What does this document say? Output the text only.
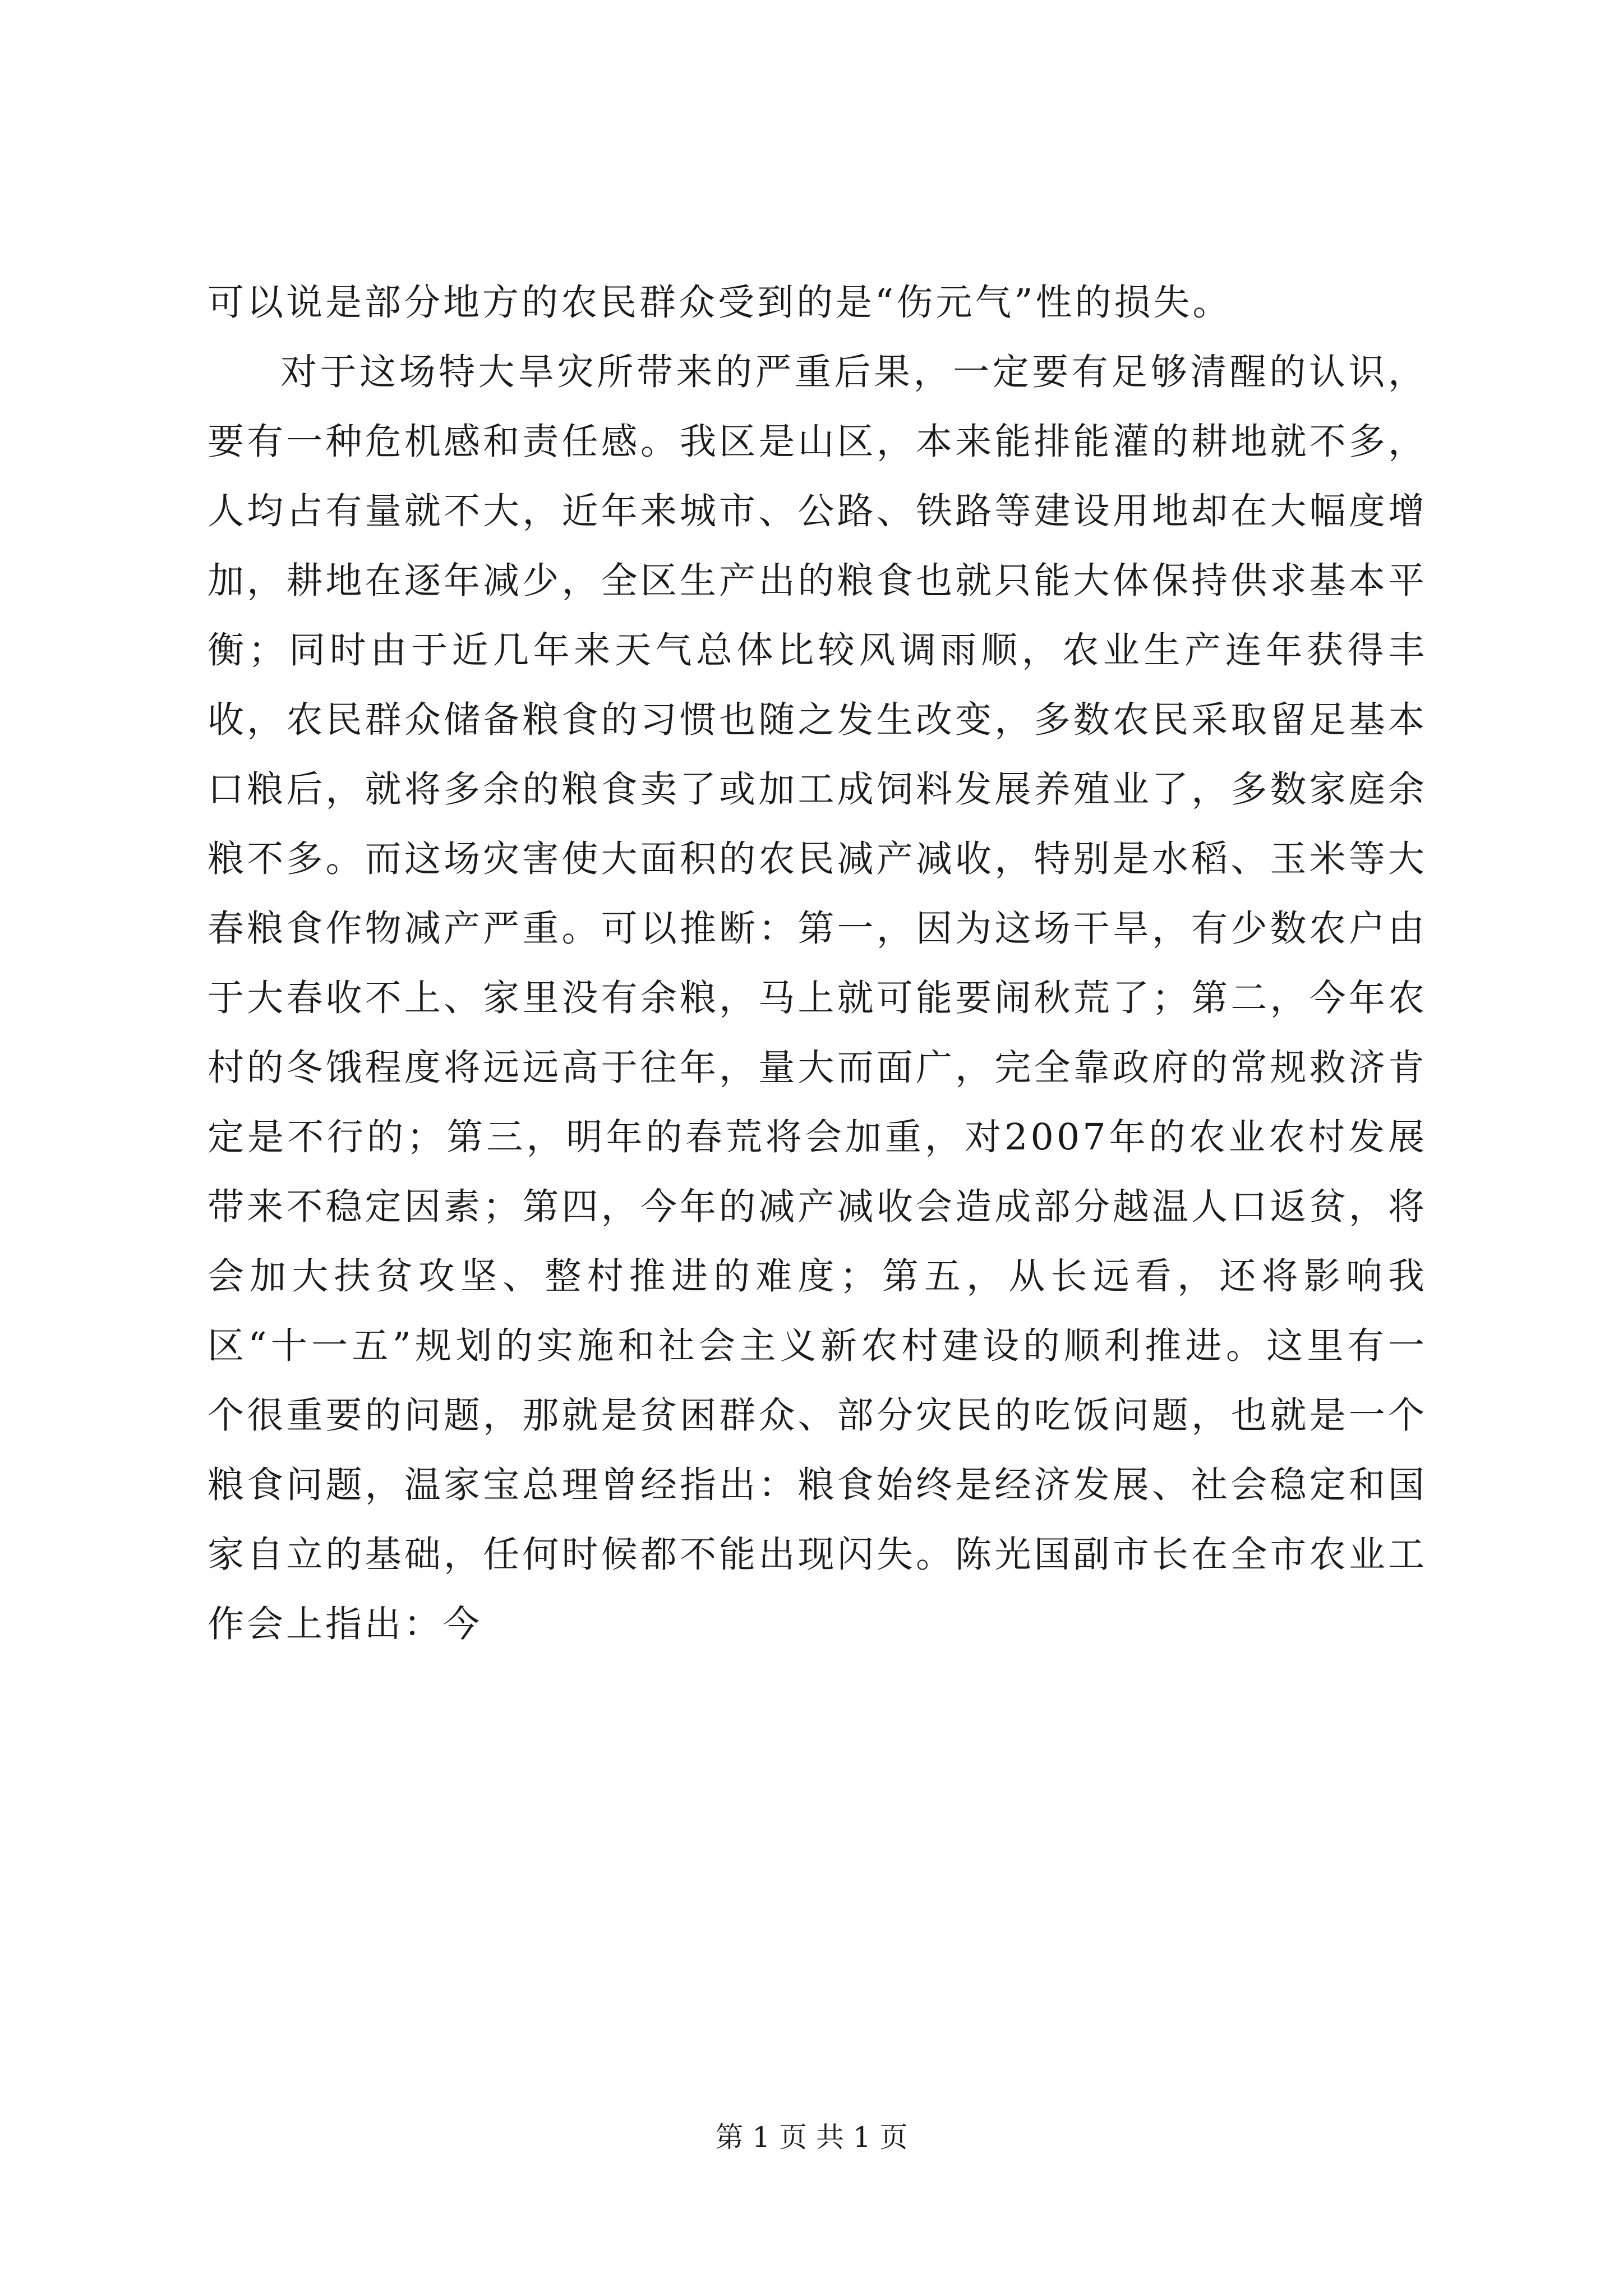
可以说是部分地方的农民群众受到的是“伤元气”性的损失。

对于这场特大旱灾所带来的严重后果，一定要有足够清醒的认识，要有一种危机感和责任感。我区是山区，本来能排能灌的耕地就不多，人均占有量就不大，近年来城市、公路、铁路等建设用地却在大幅度增加，耕地在逐年减少，全区生产出的粮食也就只能大体保持供求基本平衡；同时由于近几年来天气总体比较风调雨顺，农业生产连年获得丰收，农民群众储备粮食的习惯也随之发生改变，多数农民采取留足基本口粮后，就将多余的粮食卖了或加工成饲料发展养殖业了，多数家庭余粮不多。而这场灾害使大面积的农民减产减收，特别是水稻、玉米等大春粮食作物减产严重。可以推断：第一，因为这场干旱，有少数农户由于大春收不上、家里没有余粮，马上就可能要闹秋荒了；第二，今年农村的冬饿程度将远远高于往年，量大而面广，完全靠政府的常规救济肯定是不行的；第三，明年的春荒将会加重，对2007年的农业农村发展带来不稳定因素；第四，今年的减产减收会造成部分越温人口返贫，将会加大扶贫攻坚、整村推进的难度；第五，从长远看，还将影响我区“十一五”规划的实施和社会主义新农村建设的顺利推进。这里有一个很重要的问题，那就是贫困群众、部分灾民的吃饭问题，也就是一个粮食问题，温家宝总理曾经指出：粮食始终是经济发展、社会稳定和国家自立的基础，任何时候都不能出现闪失。陈光国副市长在全市农业工作会上指出：今

第 1 页 共 1 页
